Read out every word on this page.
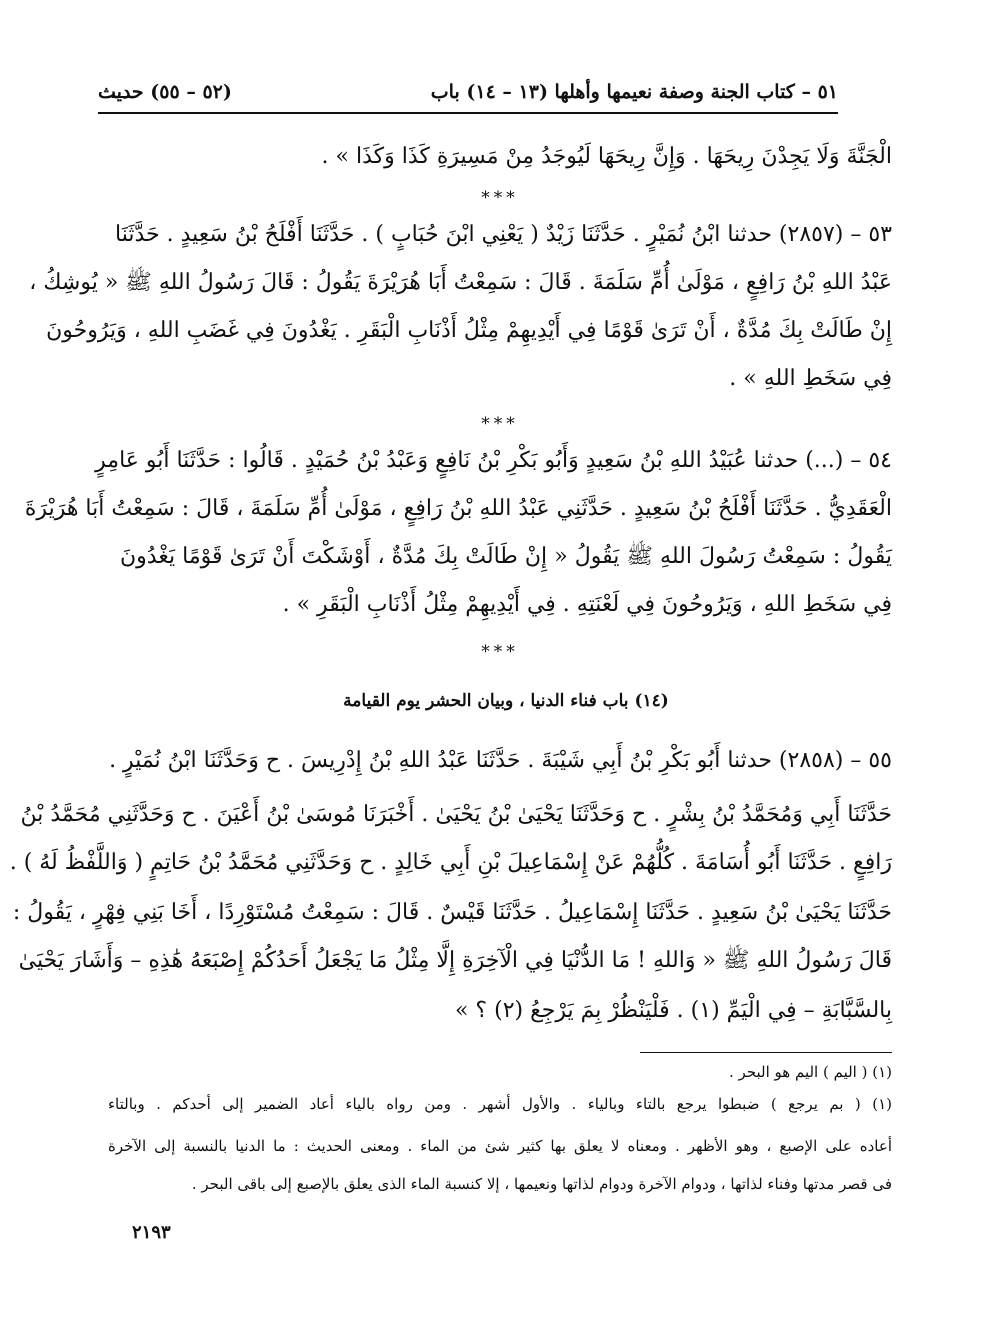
(٥٢ – ٥٥) حديث	٥١ – كتاب الجنة وصفة نعيمها وأهلها (١٣ – ١٤) باب
الْجَنَّةَ وَلَا يَجِدْنَ رِيحَهَا . وَإِنَّ رِيحَهَا لَيُوجَدُ مِنْ مَسِيرَةِ كَذَا وَكَذَا » .
***
٥٣ – (٢٨٥٧) حدثنا ابْنُ نُمَيْرٍ . حَدَّثَنَا زَيْدٌ ( يَعْنِي ابْنَ حُبَابٍ ) . حَدَّثَنَا أَفْلَحُ بْنُ سَعِيدٍ . حَدَّثَنَا
عَبْدُ اللهِ بْنُ رَافِعٍ ، مَوْلَىٰ أُمِّ سَلَمَةَ . قَالَ : سَمِعْتُ أَبَا هُرَيْرَةَ يَقُولُ : قَالَ رَسُولُ اللهِ ﷺ « يُوشِكُ ،
إِنْ طَالَتْ بِكَ مُدَّةٌ ، أَنْ تَرَىٰ قَوْمًا فِي أَيْدِيهِمْ مِثْلُ أَذْنَابِ الْبَقَرِ . يَغْدُونَ فِي غَضَبِ اللهِ ، وَيَرُوحُونَ
فِي سَخَطِ اللهِ » .
***
٥٤ – (...) حدثنا عُبَيْدُ اللهِ بْنُ سَعِيدٍ وَأَبُو بَكْرِ بْنُ نَافِعٍ وَعَبْدُ بْنُ حُمَيْدٍ . قَالُوا : حَدَّثَنَا أَبُو عَامِرٍ
الْعَقَدِيُّ . حَدَّثَنَا أَفْلَحُ بْنُ سَعِيدٍ . حَدَّثَنِي عَبْدُ اللهِ بْنُ رَافِعٍ ، مَوْلَىٰ أُمِّ سَلَمَةَ ، قَالَ : سَمِعْتُ أَبَا هُرَيْرَةَ
يَقُولُ : سَمِعْتُ رَسُولَ اللهِ ﷺ يَقُولُ « إِنْ طَالَتْ بِكَ مُدَّةٌ ، أَوْشَكْتَ أَنْ تَرَىٰ قَوْمًا يَغْدُونَ
فِي سَخَطِ اللهِ ، وَيَرُوحُونَ فِي لَعْنَتِهِ . فِي أَيْدِيهِمْ مِثْلُ أَذْنَابِ الْبَقَرِ » .
***
(١٤) باب فناء الدنيا ، وبيان الحشر يوم القيامة
٥٥ – (٢٨٥٨) حدثنا أَبُو بَكْرِ بْنُ أَبِي شَيْبَةَ . حَدَّثَنَا عَبْدُ اللهِ بْنُ إِدْرِيسَ . ح وَحَدَّثَنَا ابْنُ نُمَيْرٍ .
حَدَّثَنَا أَبِي وَمُحَمَّدُ بْنُ بِشْرٍ . ح وَحَدَّثَنَا يَحْيَىٰ بْنُ يَحْيَىٰ . أَخْبَرَنَا مُوسَىٰ بْنُ أَعْيَنَ . ح وَحَدَّثَنِي مُحَمَّدُ بْنُ
رَافِعٍ . حَدَّثَنَا أَبُو أُسَامَةَ . كُلُّهُمْ عَنْ إِسْمَاعِيلَ بْنِ أَبِي خَالِدٍ . ح وَحَدَّثَنِي مُحَمَّدُ بْنُ حَاتِمٍ ( وَاللَّفْظُ لَهُ ) .
حَدَّثَنَا يَحْيَىٰ بْنُ سَعِيدٍ . حَدَّثَنَا إِسْمَاعِيلُ . حَدَّثَنَا قَيْسٌ . قَالَ : سَمِعْتُ مُسْتَوْرِدًا ، أَخَا بَنِي فِهْرٍ ، يَقُولُ :
قَالَ رَسُولُ اللهِ ﷺ « وَاللهِ ! مَا الدُّنْيَا فِي الْآخِرَةِ إِلَّا مِثْلُ مَا يَجْعَلُ أَحَدُكُمْ إِصْبَعَهُ هَٰذِهِ – وَأَشَارَ يَحْيَىٰ
بِالسَّبَّابَةِ – فِي الْيَمِّ (١) . فَلْيَنْظُرْ بِمَ يَرْجِعُ (٢) ؟ »
(١) ( اليم ) اليم هو البحر .
(١) ( بم يرجع ) ضبطوا يرجع بالتاء وبالياء . والأول أشهر . ومن رواه بالياء أعاد الضمير إلى أحدكم . وبالتاء
أعاده على الإصبع ، وهو الأظهر . ومعناه لا يعلق بها كثير شئ من الماء . ومعنى الحديث : ما الدنيا بالنسبة إلى الآخرة
فى قصر مدتها وفناء لذاتها ، ودوام الآخرة ودوام لذاتها ونعيمها ، إلا كنسبة الماء الذى يعلق بالإصبع إلى باقى البحر .
٢١٩٣
